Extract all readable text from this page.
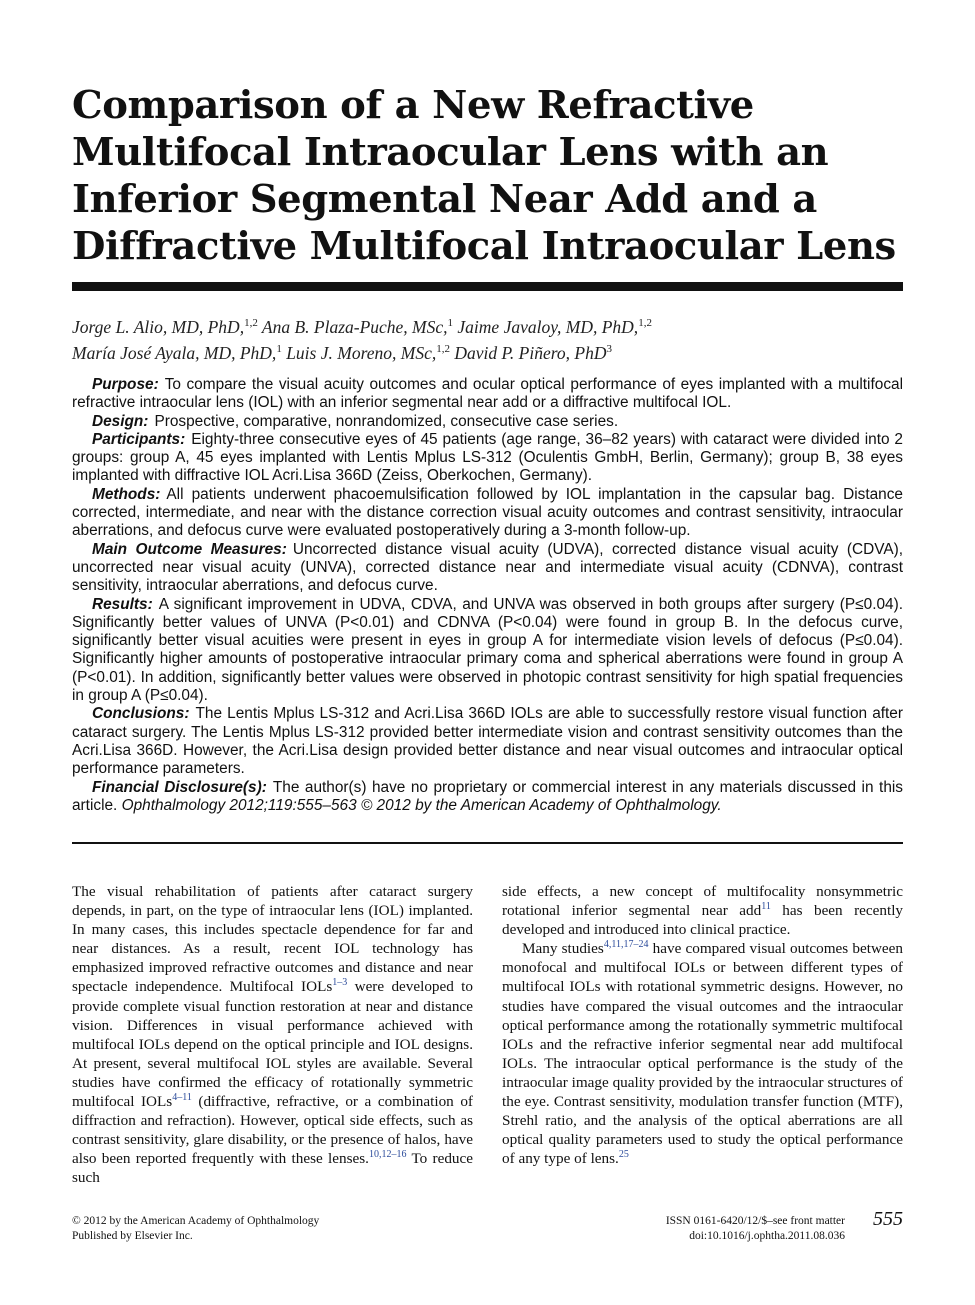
Comparison of a New Refractive Multifocal Intraocular Lens with an Inferior Segmental Near Add and a Diffractive Multifocal Intraocular Lens
Jorge L. Alio, MD, PhD,$^{1,2}$ Ana B. Plaza-Puche, MSc,$^1$ Jaime Javaloy, MD, PhD,$^{1,2}$
María José Ayala, MD, PhD,$^1$ Luis J. Moreno, MSc,$^{1,2}$ David P. Piñero, PhD$^3$

Purpose: To compare the visual acuity outcomes and ocular optical performance of eyes implanted with a multifocal refractive intraocular lens (IOL) with an inferior segmental near add or a diffractive multifocal IOL.

Design: Prospective, comparative, nonrandomized, consecutive case series.

Participants: Eighty-three consecutive eyes of 45 patients (age range, 36–82 years) with cataract were divided into 2 groups: group A, 45 eyes implanted with Lentis Mplus LS-312 (Oculentis GmbH, Berlin, Germany); group B, 38 eyes implanted with diffractive IOL Acri.Lisa 366D (Zeiss, Oberkochen, Germany).

Methods: All patients underwent phacoemulsification followed by IOL implantation in the capsular bag. Distance corrected, intermediate, and near with the distance correction visual acuity outcomes and contrast sensitivity, intraocular aberrations, and defocus curve were evaluated postoperatively during a 3-month follow-up.

Main Outcome Measures: Uncorrected distance visual acuity (UDVA), corrected distance visual acuity (CDVA), uncorrected near visual acuity (UNVA), corrected distance near and intermediate visual acuity (CDNVA), contrast sensitivity, intraocular aberrations, and defocus curve.

Results: A significant improvement in UDVA, CDVA, and UNVA was observed in both groups after surgery (P≤0.04). Significantly better values of UNVA (P<0.01) and CDNVA (P<0.04) were found in group B. In the defocus curve, significantly better visual acuities were present in eyes in group A for intermediate vision levels of defocus (P≤0.04). Significantly higher amounts of postoperative intraocular primary coma and spherical aberrations were found in group A (P<0.01). In addition, significantly better values were observed in photopic contrast sensitivity for high spatial frequencies in group A (P≤0.04).

Conclusions: The Lentis Mplus LS-312 and Acri.Lisa 366D IOLs are able to successfully restore visual function after cataract surgery. The Lentis Mplus LS-312 provided better intermediate vision and contrast sensitivity outcomes than the Acri.Lisa 366D. However, the Acri.Lisa design provided better distance and near visual outcomes and intraocular optical performance parameters.

Financial Disclosure(s): The author(s) have no proprietary or commercial interest in any materials discussed in this article. Ophthalmology 2012;119:555–563 © 2012 by the American Academy of Ophthalmology.

The visual rehabilitation of patients after cataract surgery depends, in part, on the type of intraocular lens (IOL) implanted. In many cases, this includes spectacle dependence for far and near distances. As a result, recent IOL technology has emphasized improved refractive outcomes and distance and near spectacle independence. Multifocal IOLs$^{1-3}$ were developed to provide complete visual function restoration at near and distance vision. Differences in visual performance achieved with multifocal IOLs depend on the optical principle and IOL designs. At present, several multifocal IOL styles are available. Several studies have confirmed the efficacy of rotationally symmetric multifocal IOLs$^{4-11}$ (diffractive, refractive, or a combination of diffraction and refraction). However, optical side effects, such as contrast sensitivity, glare disability, or the presence of halos, have also been reported frequently with these lenses.$^{10,12-16}$ To reduce such

side effects, a new concept of multifocality nonsymmetric rotational inferior segmental near add$^{11}$ has been recently developed and introduced into clinical practice.

Many studies$^{4,11,17-24}$ have compared visual outcomes between monofocal and multifocal IOLs or between different types of multifocal IOLs with rotational symmetric designs. However, no studies have compared the visual outcomes and the intraocular optical performance among the rotationally symmetric multifocal IOLs and the refractive inferior segmental near add multifocal IOLs. The intraocular optical performance is the study of the intraocular image quality provided by the intraocular structures of the eye. Contrast sensitivity, modulation transfer function (MTF), Strehl ratio, and the analysis of the optical aberrations are all optical quality parameters used to study the optical performance of any type of lens.$^{25}$

© 2012 by the American Academy of Ophthalmology
Published by Elsevier Inc.
ISSN 0161-6420/12/$–see front matter
doi:10.1016/j.ophtha.2011.08.036
555
